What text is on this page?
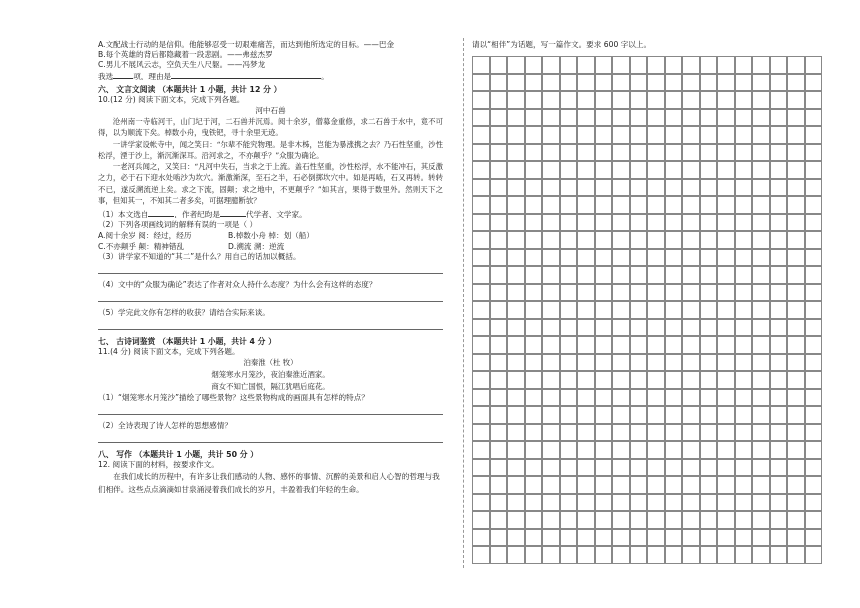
A.文配战士行动的是信仰。他能够忍受一切艰难痛苦，而达到他所选定的目标。——巴金
B.每个英雄的背后都隐藏着一段悲剧。——弗兹杰罗
C.男儿不展风云志，空负天生八尺躯。——冯梦龙
我选	项，理由是	。
六、 文言文阅读 （本题共计 1 小题，共计 12 分 ）
10.(12 分) 阅读下面文本，完成下列各题。
河中石兽
沧州南一寺临河干，山门圮于河，二石兽并沉焉。阅十余岁，僧募金重修，求二石兽于水中，竟不可得，以为顺流下矣。棹数小舟，曳铁钯，寻十余里无迹。
一讲学家设帐寺中，闻之笑曰：“尔辈不能究物理。是非木柹，岂能为暴涨携之去？乃石性坚重，沙性松浮，湮于沙上，渐沉渐深耳。沿河求之，不亦颠乎？”众服为确论。
一老河兵闻之，又笑曰：“凡河中失石，当求之于上流。盖石性坚重，沙性松浮，水不能冲石，其反激之力，必于石下迎水处啮沙为坎穴。渐激渐深，至石之半，石必倒掷坎穴中。如是再啮，石又再转。转转不已，遂反溯流逆上矣。求之下流，固颠；求之地中，不更颠乎？”如其言，果得于数里外。然则天下之事，但知其一，不知其二者多矣，可据理臆断欤？
（1）本文选自	，作者纪昀是	代学者、文学家。
（2）下列各项画线词的解释有误的一项是（ ）
A.阅十余岁 阅：经过，经历	B.棹数小舟 棹：划（船）
C.不亦颠乎 颠：精神错乱	D.溯流 溯：逆流
（3）讲学家不知道的“其二”是什么？用自己的话加以概括。
（4）文中的“众服为确论”表达了作者对众人持什么态度？为什么会有这样的态度？
（5）学完此文你有怎样的收获？请结合实际来谈。
七、 古诗词鉴赏 （本题共计 1 小题，共计 4 分 ）
11.(4 分) 阅读下面文本，完成下列各题。
泊秦淮（杜 牧）
烟笼寒水月笼沙，夜泊秦淮近酒家。
商女不知亡国恨，隔江犹唱后庭花。
（1）“烟笼寒水月笼沙”描绘了哪些景物？这些景物构成的画面具有怎样的特点？
（2）全诗表现了诗人怎样的思想感情？
八、 写作 （本题共计 1 小题，共计 50 分 ）
12. 阅读下面的材料，按要求作文。
在我们成长的历程中，有许多让我们感动的人物、感怀的事情、沉醉的美景和启人心智的哲理与我们相伴。这些点点滴滴如甘泉涌浸着我们成长的岁月，丰盈着我们年轻的生命。
请以“相伴”为话题，写一篇作文。要求 600 字以上。
